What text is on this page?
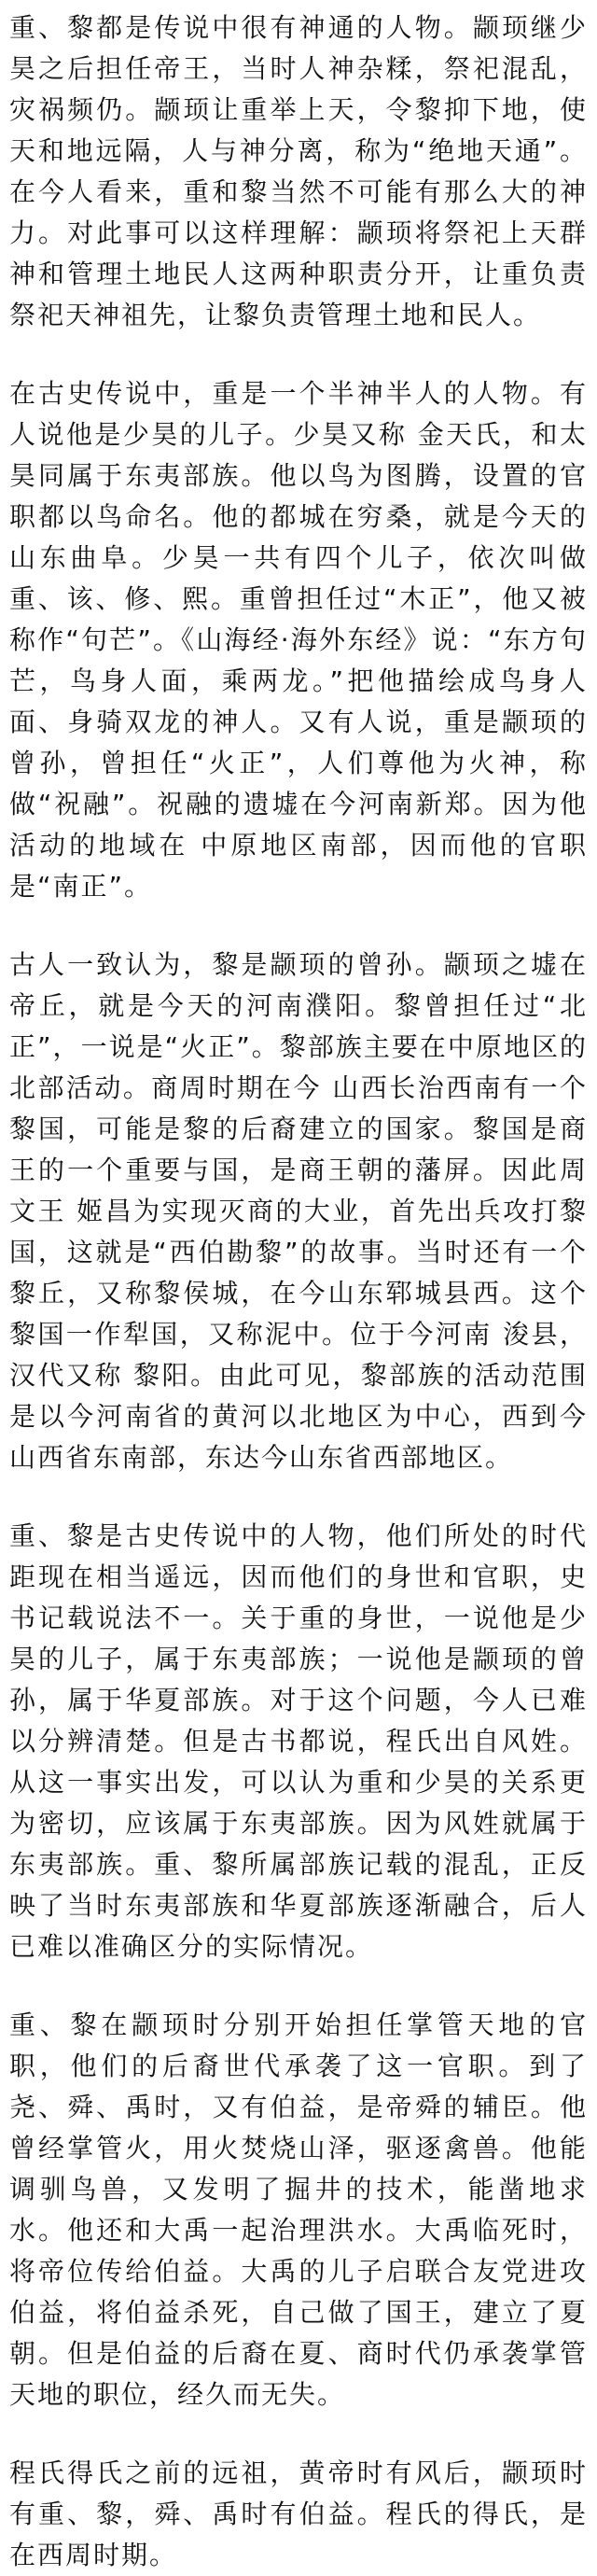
重、黎都是传说中很有神通的人物。颛顼继少昊之后担任帝王，当时人神杂糅，祭祀混乱，灾祸频仍。颛顼让重举上天，令黎抑下地，使天和地远隔，人与神分离，称为“绝地天通”。在今人看来，重和黎当然不可能有那么大的神力。对此事可以这样理解：颛顼将祭祀上天群神和管理土地民人这两种职责分开，让重负责祭祀天神祖先，让黎负责管理土地和民人。

在古史传说中，重是一个半神半人的人物。有人说他是少昊的儿子。少昊又称 金天氏，和太昊同属于东夷部族。他以鸟为图腾，设置的官职都以鸟命名。他的都城在穷桑，就是今天的山东曲阜。少昊一共有四个儿子，依次叫做重、该、修、熙。重曾担任过“木正”，他又被称作“句芒”。《山海经·海外东经》说：“东方句芒，鸟身人面，乘两龙。”把他描绘成鸟身人面、身骑双龙的神人。又有人说，重是颛顼的曾孙，曾担任“火正”，人们尊他为火神，称做“祝融”。祝融的遗墟在今河南新郑。因为他活动的地域在 中原地区南部，因而他的官职是“南正”。

古人一致认为，黎是颛顼的曾孙。颛顼之墟在 帝丘，就是今天的河南濮阳。黎曾担任过“北正”，一说是“火正”。黎部族主要在中原地区的北部活动。商周时期在今 山西长治西南有一个 黎国，可能是黎的后裔建立的国家。黎国是商王的一个重要与国，是商王朝的藩屏。因此周文王 姬昌为实现灭商的大业，首先出兵攻打黎国，这就是“西伯勘黎”的故事。当时还有一个黎丘，又称黎侯城，在今山东郓城县西。这个黎国一作犁国，又称泥中。位于今河南 浚县， 汉代又称 黎阳。由此可见，黎部族的活动范围是以今河南省的黄河以北地区为中心，西到今山西省东南部，东达今山东省西部地区。

重、黎是古史传说中的人物，他们所处的时代距现在相当遥远，因而他们的身世和官职，史书记载说法不一。关于重的身世，一说他是少昊的儿子，属于东夷部族；一说他是颛顼的曾孙，属于华夏部族。对于这个问题，今人已难以分辨清楚。但是古书都说，程氏出自风姓。从这一事实出发，可以认为重和少昊的关系更为密切，应该属于东夷部族。因为风姓就属于东夷部族。重、黎所属部族记载的混乱，正反映了当时东夷部族和华夏部族逐渐融合，后人已难以准确区分的实际情况。

重、黎在颛顼时分别开始担任掌管天地的官职，他们的后裔世代承袭了这一官职。到了尧、舜、禹时，又有伯益，是帝舜的辅臣。他曾经掌管火，用火焚烧山泽，驱逐禽兽。他能调驯鸟兽，又发明了掘井的技术，能凿地求水。他还和大禹一起治理洪水。大禹临死时，将帝位传给伯益。大禹的儿子启联合友党进攻伯益，将伯益杀死，自己做了国王，建立了夏朝。但是伯益的后裔在夏、商时代仍承袭掌管天地的职位，经久而无失。

程氏得氏之前的远祖，黄帝时有风后，颛顼时有重、黎，舜、禹时有伯益。程氏的得氏，是在西周时期。
